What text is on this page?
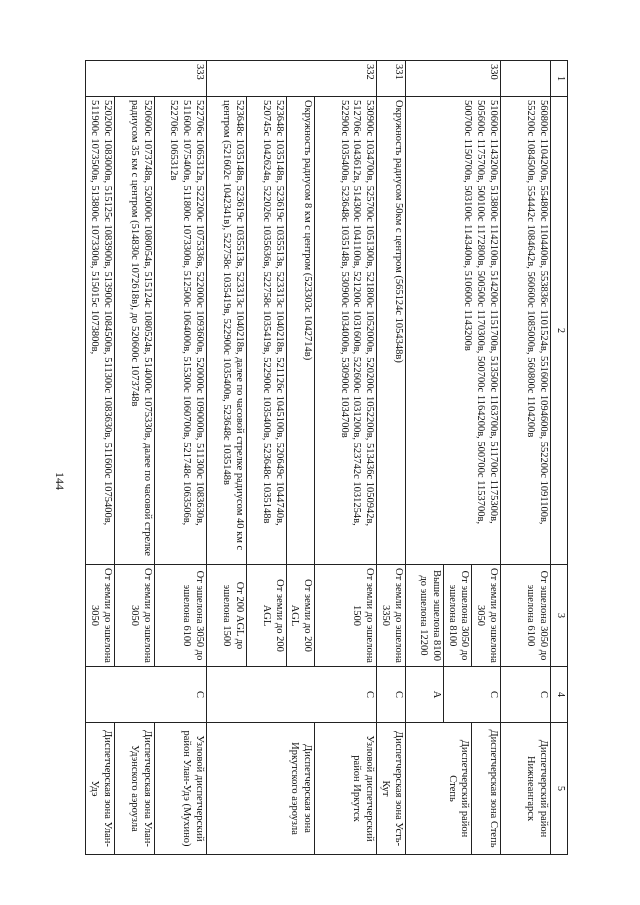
144
1	2	3	4	5
	560800с 1104200в, 554800с 1104400в, 553836с 1101524в, 551600с 1094600в, 552200с 1091100в, 552200с 1084500в, 554442с 1084642в, 560600с 1085000в, 560800с 1104200в	От эшелона 3050 до эшелона 6100	С	Диспетчерский район Нижнеангарск
330	510600с 1143200в, 513800с 1142100в, 514200с 1151700в, 513500с 1163700в, 511700с 1175300в, 505600с 1175700в, 500100с 1172800в, 500500с 1170300в, 500700с 1164200в, 500700с 1153700в, 500700с 1150700в, 503100с 1143400в, 510600с 1143200в	От земли до эшелона 3050	С	Диспетчерская зона Степь
		От эшелона 3050 до эшелона 8100		Диспетчерский район Степь
		Выше эшелона 8100 до эшелона 12200	А	
331	Окружность радиусом 50км с центром (565124с 1054348в)	От земли до эшелона 3350	С	Диспетчерская зона Усть-Кут
332	530900с 1034700в, 525700с 1051300в, 521800с 1052000в, 520200с 1052200в, 513436с 1050942в, 512706с 1043612в, 514300с 1041100в, 521200с 1031600в, 522600с 1031200в, 523742с 1031254в, 522900с 1035400в, 523648с 1035148в, 530900с 1034000в, 530900с 1034700в	От земли до эшелона 1500	С	Узловой диспетчерский район Иркутск
	Окружность радиусом 8 км с центром (523303с 1042714в)	От земли до 200 AGL		Диспетчерская зона Иркутского аэроузла
	523648с 1035148в, 523619с 1035513в, 523313с 1040218в, 521126с 1045100в, 520649с 1044740в, 520745с 1042624в, 522026с 1035636в, 522758с 1035419в, 522900с 1035400в, 523648с 1035148в	От земли до 200 AGL		
	523648с 1035148в, 523619с 1035513в, 523313с 1040218в, далее по часовой стрелке радиусом 40 км с центром (521602с 1042341в), 522758с 1035419в, 522900с 1035400в, 523648с 1035148в	От 200 AGL до эшелона 1500		
333	522706с 1065312в, 522200с 1075336в, 522000с 1093600в, 520000с 1090000в, 511300с 1083630в, 511600с 1075400в, 511800с 1073300в, 512500с 1064000в, 515300с 1060700в, 521748с 1063506в, 522706с 1065312в	От эшелона 3050 до эшелона 6100	С	Узловой диспетчерский район Улан-Удэ (Мухино)
	520600с 1073748в, 520000с 1080054в, 515124с 1080524в, 514000с 1075330в, далее по часовой стрелке радиусом 35 км с центром (514830с 1072618в), до 520600с 1073748в	От земли до эшелона 3050		Диспетчерская зона Улан-Удэнского аэроузла
	520200с 1083000в, 515125с 1083900в, 513900с 1084500в, 511300с 1083630в, 511600с 1075400в, 511900с 1073500в, 513800с 1073300в, 515015с 1073800в,	От земли до эшелона 3050		Диспетчерская зона Улан-Удэ
